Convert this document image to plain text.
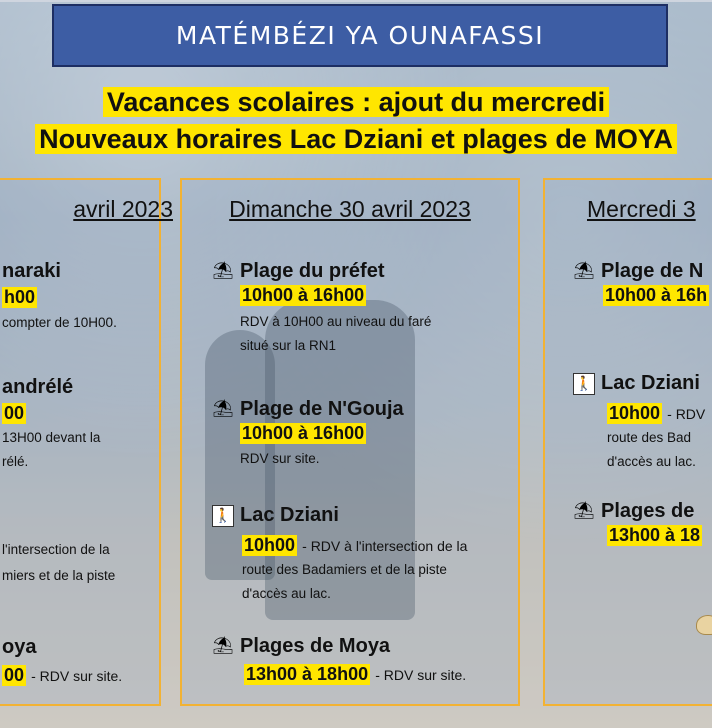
MATÉMBÉZI YA OUNAFASSI
Vacances scolaires : ajout du mercredi
Nouveaux horaires Lac Dziani et plages de MOYA
avril 2023
naraki
h00
compter de 10H00.
andrélé
00
13H00 devant la
rélé.
l'intersection de la
miers et de la piste
oya
00 - RDV sur site.
Dimanche 30 avril 2023
⛱ Plage du préfet
10h00 à 16h00
RDV à 10H00 au niveau du faré
situé sur la RN1
⛱ Plage de N'Gouja
10h00 à 16h00
RDV sur site.
🚶 Lac Dziani
10h00 - RDV à l'intersection de la
route des Badamiers et de la piste
d'accès au lac.
⛱ Plages de Moya
13h00 à 18h00 - RDV sur site.
Mercredi 3
⛱ Plage de N
10h00 à 16h
🚶 Lac Dziani
10h00 - RDV
route des Bad
d'accès au lac.
⛱ Plages de
13h00 à 18
